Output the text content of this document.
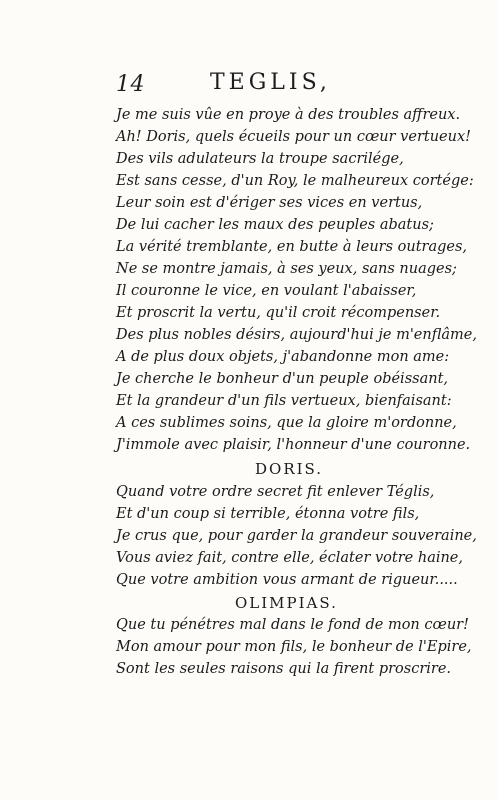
14	TEGLIS,
Je me suis vûe en proye à des troubles affreux.
Ah! Doris, quels écueils pour un cœur vertueux!
Des vils adulateurs la troupe sacrilége,
Est sans cesse, d'un Roy, le malheureux cortége:
Leur soin est d'ériger ses vices en vertus,
De lui cacher les maux des peuples abatus;
La vérité tremblante, en butte à leurs outrages,
Ne se montre jamais, à ses yeux, sans nuages;
Il couronne le vice, en voulant l'abaisser,
Et proscrit la vertu, qu'il croit récompenser.
Des plus nobles désirs, aujourd'hui je m'enflâme,
A de plus doux objets, j'abandonne mon ame:
Je cherche le bonheur d'un peuple obéissant,
Et la grandeur d'un fils vertueux, bienfaisant:
A ces sublimes soins, que la gloire m'ordonne,
J'immole avec plaisir, l'honneur d'une couronne.
DORIS.
Quand votre ordre secret fit enlever Téglis,
Et d'un coup si terrible, étonna votre fils,
Je crus que, pour garder la grandeur souveraine,
Vous aviez fait, contre elle, éclater votre haine,
Que votre ambition vous armant de rigueur.....
OLIMPIAS.
Que tu pénétres mal dans le fond de mon cœur!
Mon amour pour mon fils, le bonheur de l'Epire,
Sont les seules raisons qui la firent proscrire.
